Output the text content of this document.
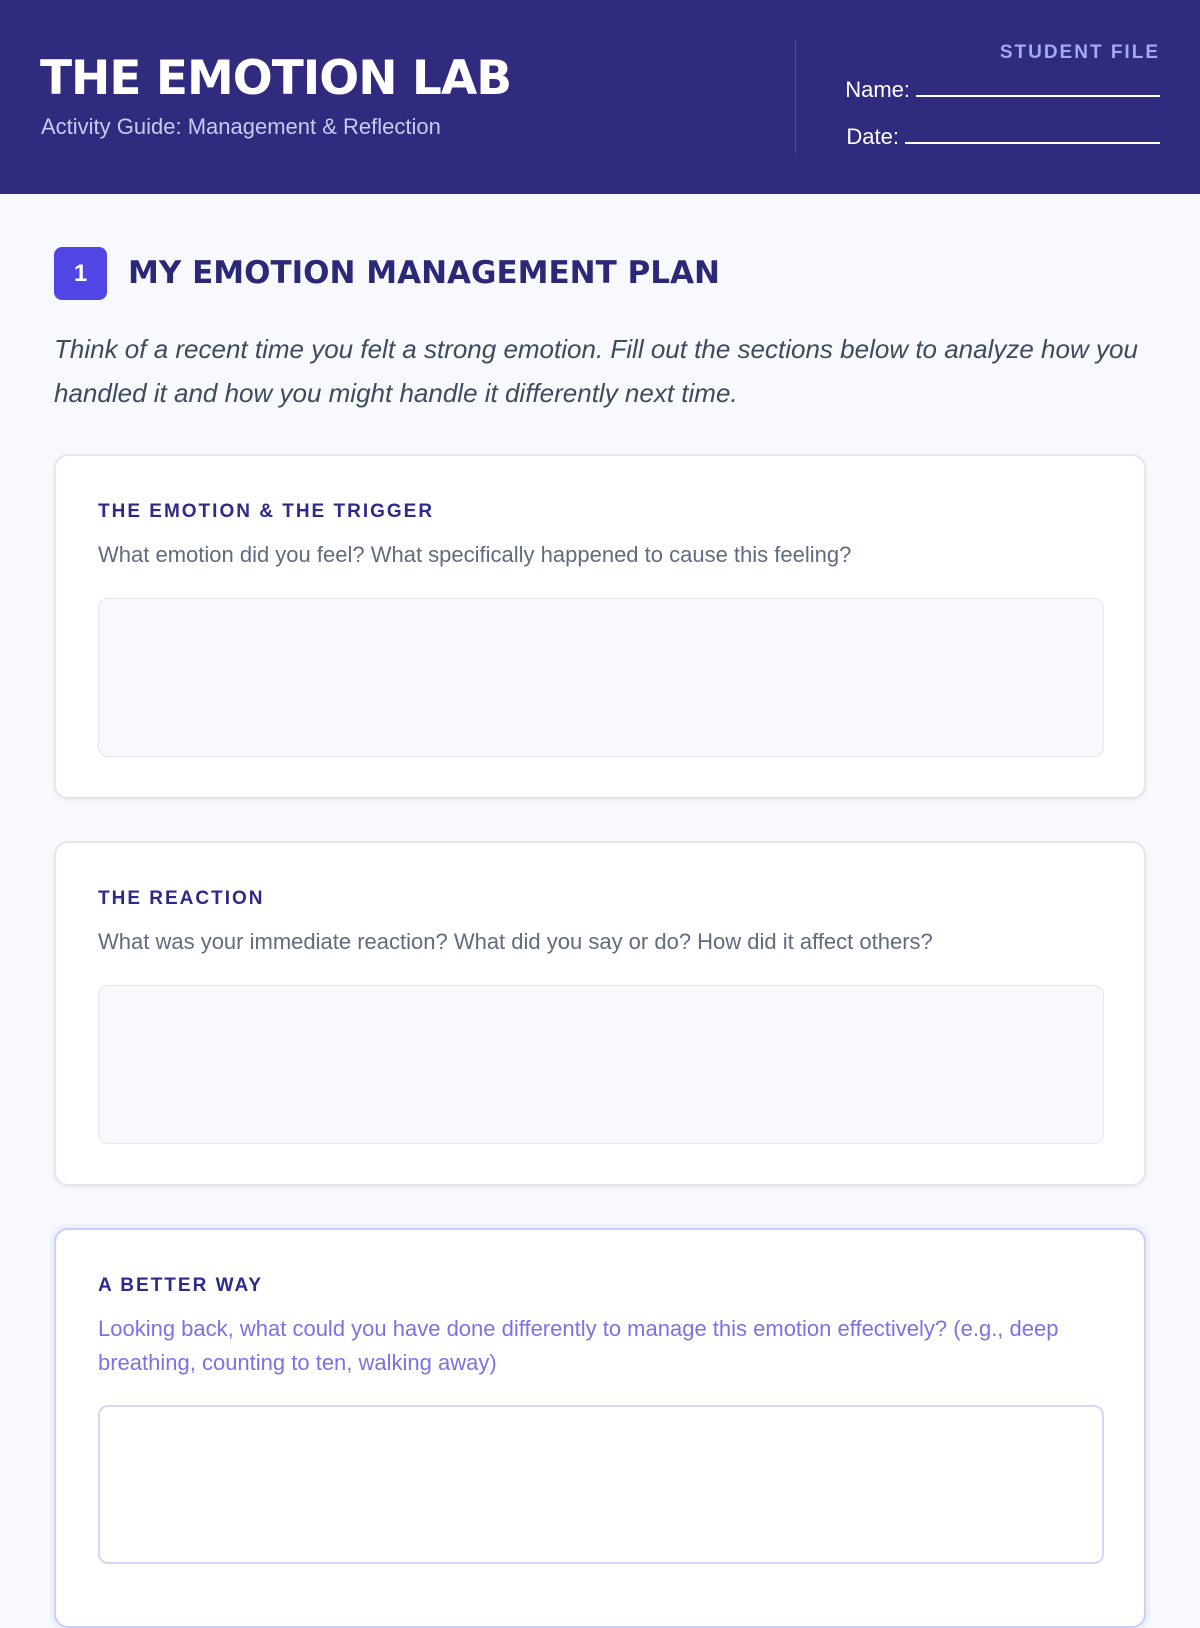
THE EMOTION LAB
Activity Guide: Management & Reflection
STUDENT FILE
Name:
Date:
1	MY EMOTION MANAGEMENT PLAN

Think of a recent time you felt a strong emotion. Fill out the sections below to analyze how you handled it and how you might handle it differently next time.

THE EMOTION & THE TRIGGER
What emotion did you feel? What specifically happened to cause this feeling?
THE REACTION
What was your immediate reaction? What did you say or do? How did it affect others?
A BETTER WAY
Looking back, what could you have done differently to manage this emotion effectively? (e.g., deep breathing, counting to ten, walking away)
